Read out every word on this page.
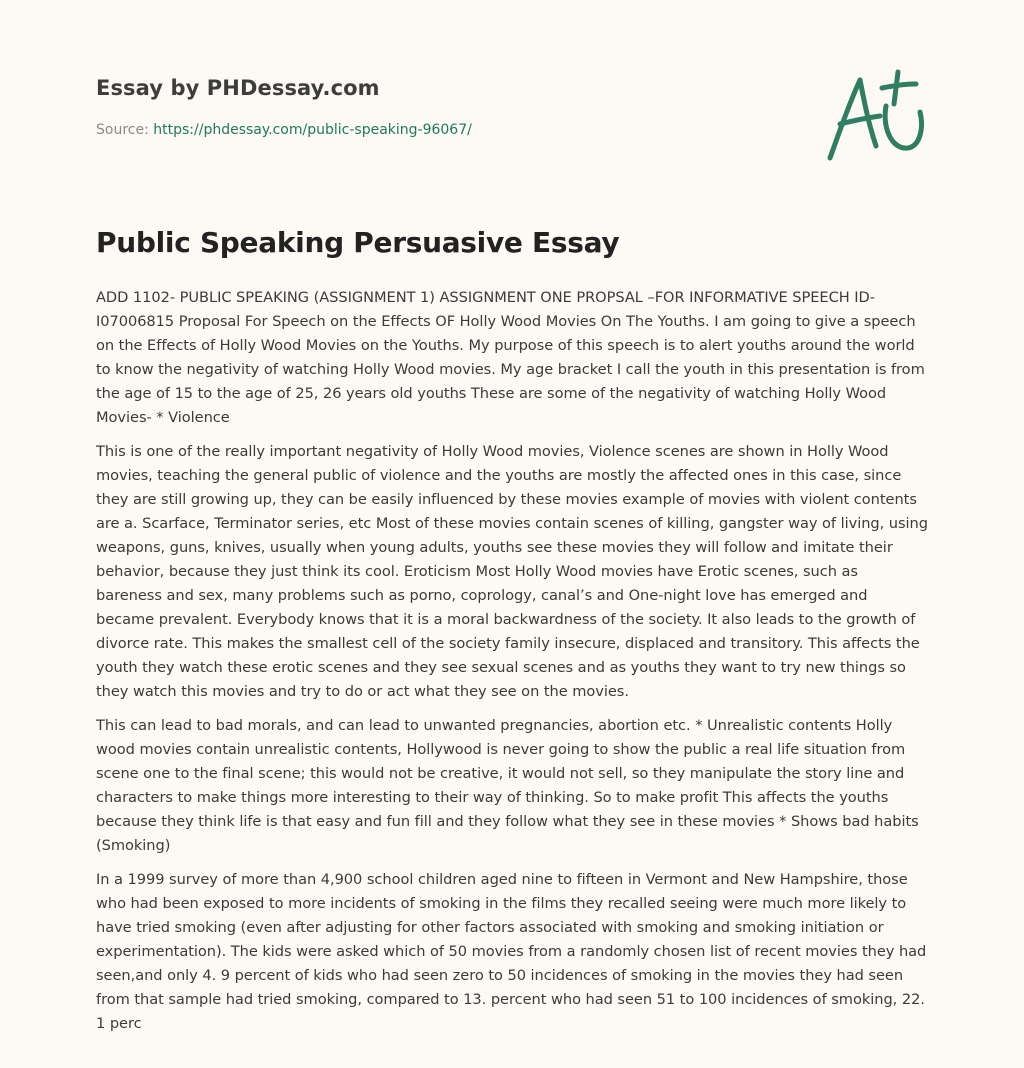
Essay by PHDessay.com
Source: https://phdessay.com/public-speaking-96067/
Public Speaking Persuasive Essay

ADD 1102- PUBLIC SPEAKING (ASSIGNMENT 1) ASSIGNMENT ONE PROPSAL –FOR INFORMATIVE SPEECH ID-I07006815 Proposal For Speech on the Effects OF Holly Wood Movies On The Youths. I am going to give a speech on the Effects of Holly Wood Movies on the Youths. My purpose of this speech is to alert youths around the world to know the negativity of watching Holly Wood movies. My age bracket I call the youth in this presentation is from the age of 15 to the age of 25, 26 years old youths These are some of the negativity of watching Holly Wood Movies- * Violence

This is one of the really important negativity of Holly Wood movies, Violence scenes are shown in Holly Wood movies, teaching the general public of violence and the youths are mostly the affected ones in this case, since they are still growing up, they can be easily influenced by these movies example of movies with violent contents are a. Scarface, Terminator series, etc Most of these movies contain scenes of killing, gangster way of living, using weapons, guns, knives, usually when young adults, youths see these movies they will follow and imitate their behavior, because they just think its cool. Eroticism Most Holly Wood movies have Erotic scenes, such as bareness and sex, many problems such as porno, coprology, canal’s and One-night love has emerged and became prevalent. Everybody knows that it is a moral backwardness of the society. It also leads to the growth of divorce rate. This makes the smallest cell of the society family insecure, displaced and transitory. This affects the youth they watch these erotic scenes and they see sexual scenes and as youths they want to try new things so they watch this movies and try to do or act what they see on the movies.

This can lead to bad morals, and can lead to unwanted pregnancies, abortion etc. * Unrealistic contents Holly wood movies contain unrealistic contents, Hollywood is never going to show the public a real life situation from scene one to the final scene; this would not be creative, it would not sell, so they manipulate the story line and characters to make things more interesting to their way of thinking. So to make profit This affects the youths because they think life is that easy and fun fill and they follow what they see in these movies * Shows bad habits (Smoking)

In a 1999 survey of more than 4,900 school children aged nine to fifteen in Vermont and New Hampshire, those who had been exposed to more incidents of smoking in the films they recalled seeing were much more likely to have tried smoking (even after adjusting for other factors associated with smoking and smoking initiation or experimentation). The kids were asked which of 50 movies from a randomly chosen list of recent movies they had seen,and only 4. 9 percent of kids who had seen zero to 50 incidences of smoking in the movies they had seen from that sample had tried smoking, compared to 13. percent who had seen 51 to 100 incidences of smoking, 22. 1 perc
